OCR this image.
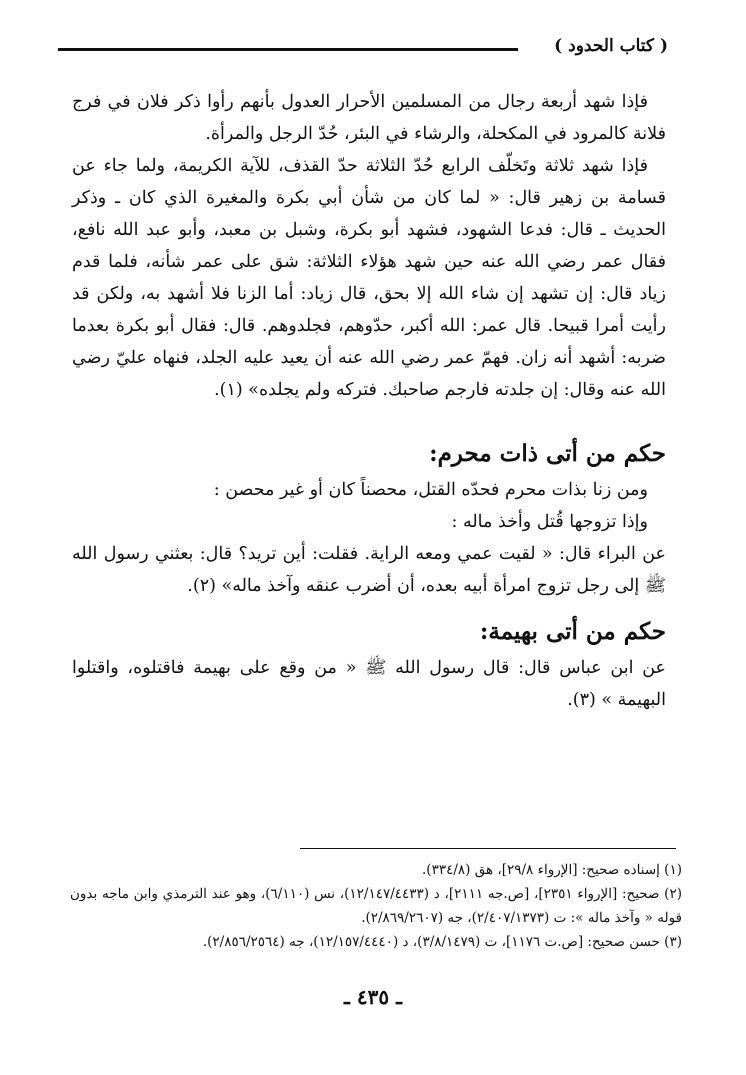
( كتاب الحدود )

فإذا شهد أربعة رجال من المسلمين الأحرار العدول بأنهم رأوا ذكر فلان في فرج فلانة كالمرود في المكحلة، والرشاء في البئر، حُدّ الرجل والمرأة.

فإذا شهد ثلاثة وتَخلّف الرابع حُدّ الثلاثة حدّ القذف، للآية الكريمة، ولما جاء عن قسامة بن زهير قال: « لما كان من شأن أبي بكرة والمغيرة الذي كان ـ وذكر الحديث ـ قال: فدعا الشهود، فشهد أبو بكرة، وشبل بن معبد، وأبو عبد الله نافع، فقال عمر رضي الله عنه حين شهد هؤلاء الثلاثة: شق على عمر شأنه، فلما قدم زياد قال: إن تشهد إن شاء الله إلا بحق، قال زياد: أما الزنا فلا أشهد به، ولكن قد رأيت أمرا قبيحا. قال عمر: الله أكبر، حدّوهم، فجلدوهم. قال: فقال أبو بكرة بعدما ضربه: أشهد أنه زان. فهمّ عمر رضي الله عنه أن يعيد عليه الجلد، فنهاه عليّ رضي الله عنه وقال: إن جلدته فارجم صاحبك. فتركه ولم يجلده» (١).

حكم من أتى ذات محرم:

ومن زنا بذات محرم فحدّه القتل، محصناً كان أو غير محصن :

وإذا تزوجها قُتل وأخذ ماله :

عن البراء قال: « لقيت عمي ومعه الراية. فقلت: أين تريد؟ قال: بعثني رسول الله ﷺ إلى رجل تزوج امرأة أبيه بعده، أن أضرب عنقه وآخذ ماله» (٢).

حكم من أتى بهيمة:

عن ابن عباس قال: قال رسول الله ﷺ « من وقع على بهيمة فاقتلوه، واقتلوا البهيمة » (٣).

(١) إسناده صحيح: [الإرواء ٢٩/٨]، هق (٣٣٤/٨).

(٢) صحيح: [الإرواء ٢٣٥١]، [ص.جه ٢١١١]، د (١٢/١٤٧/٤٤٣٣)، نس (٦/١١٠)، وهو عند الترمذي وابن ماجه بدون قوله « وآخذ ماله »: ت (٢/٤٠٧/١٣٧٣)، جه (٢/٨٦٩/٢٦٠٧).

(٣) حسن صحيح: [ص.ت ١١٧٦]، ت (٣/٨/١٤٧٩)، د (١٢/١٥٧/٤٤٤٠)، جه (٢/٨٥٦/٢٥٦٤).

ـ ٤٣٥ ـ
